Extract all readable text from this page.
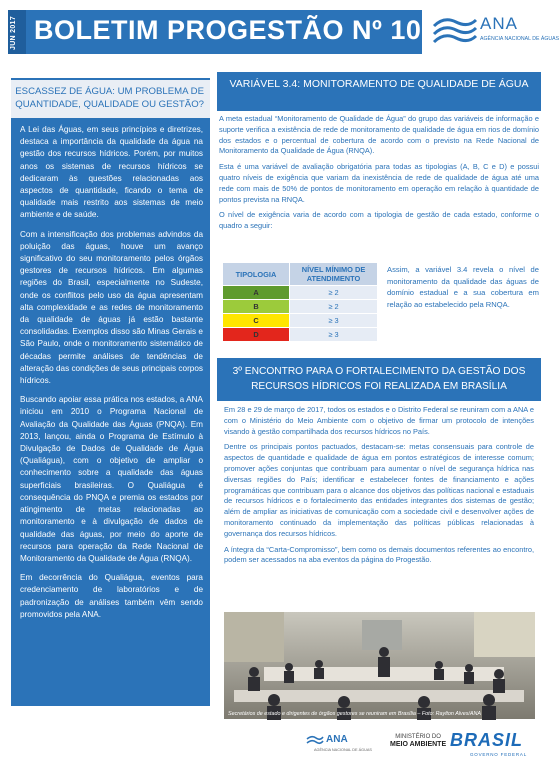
JUN 2017 BOLETIM PROGESTÃO Nº 10	ANA
AGÊNCIA NACIONAL DE ÁGUAS
ESCASSEZ DE ÁGUA: UM PROBLEMA DE QUANTIDADE, QUALIDADE OU GESTÃO?

A Lei das Águas, em seus princípios e diretrizes, destaca a importância da qualidade da água na gestão dos recursos hídricos. Porém, por muitos anos os sistemas de recursos hídricos se dedicaram às questões relacionadas aos aspectos de quantidade, ficando o tema de qualidade mais restrito aos sistemas de meio ambiente e de saúde.

Com a intensificação dos problemas advindos da poluição das águas, houve um avanço significativo do seu monitoramento pelos órgãos gestores de recursos hídricos. Em algumas regiões do Brasil, especialmente no Sudeste, onde os conflitos pelo uso da água apresentam alta complexidade e as redes de monitoramento da qualidade de águas já estão bastante consolidadas. Exemplos disso são Minas Gerais e São Paulo, onde o monitoramento sistemático de décadas permite análises de tendências de alteração das condições de seus principais corpos hídricos.

Buscando apoiar essa prática nos estados, a ANA iniciou em 2010 o Programa Nacional de Avaliação da Qualidade das Águas (PNQA). Em 2013, lançou, ainda o Programa de Estímulo à Divulgação de Dados de Qualidade de Água (Qualiágua), com o objetivo de ampliar o conhecimento sobre a qualidade das águas superficiais brasileiras. O Qualiágua é consequência do PNQA e premia os estados por atingimento de metas relacionadas ao monitoramento e à divulgação de dados de qualidade das águas, por meio do aporte de recursos para operação da Rede Nacional de Monitoramento da Qualidade de Água (RNQA).

Em decorrência do Qualiágua, eventos para credenciamento de laboratórios e de padronização de análises também vêm sendo promovidos pela ANA.

VARIÁVEL 3.4: MONITORAMENTO DE QUALIDADE DE ÁGUA

A meta estadual “Monitoramento de Qualidade de Água” do grupo das variáveis de informação e suporte verifica a existência de rede de monitoramento de qualidade de água em rios de domínio dos estados e o percentual de cobertura de acordo com o previsto na Rede Nacional de Monitoramento da Qualidade de Água (RNQA).

Esta é uma variável de avaliação obrigatória para todas as tipologias (A, B, C e D) e possui quatro níveis de exigência que variam da inexistência de rede de qualidade de água até uma rede com mais de 50% de pontos de monitoramento em operação em relação à quantidade de pontos prevista na RNQA.

O nível de exigência varia de acordo com a tipologia de gestão de cada estado, conforme o quadro a seguir:

TIPOLOGIA	NÍVEL MÍNIMO DE ATENDIMENTO
A	≥ 2
B	≥ 2
C	≥ 3
D	≥ 3
Assim, a variável 3.4 revela o nível de monitoramento da qualidade das águas de domínio estadual e a sua cobertura em relação ao estabelecido pela RNQA.
3º ENCONTRO PARA O FORTALECIMENTO DA GESTÃO DOS RECURSOS HÍDRICOS FOI REALIZADA EM BRASÍLIA

Em 28 e 29 de março de 2017, todos os estados e o Distrito Federal se reuniram com a ANA e com o Ministério do Meio Ambiente com o objetivo de firmar um protocolo de intenções visando à gestão compartilhada dos recursos hídricos no País.

Dentre os principais pontos pactuados, destacam-se: metas consensuais para controle de aspectos de quantidade e qualidade de água em pontos estratégicos de interesse comum; promover ações conjuntas que contribuam para aumentar o nível de segurança hídrica nas diversas regiões do País; identificar e estabelecer fontes de financiamento e ações programáticas que contribuam para o alcance dos objetivos das políticas nacional e estaduais de recursos hídricos e o fortalecimento das entidades integrantes dos sistemas de gestão; além de ampliar as iniciativas de comunicação com a sociedade civil e desenvolver ações de monitoramento continuado da implementação das políticas públicas relacionadas à governança dos recursos hídricos.

A íntegra da “Carta-Compromisso”, bem como os demais documentos referentes ao encontro, podem ser acessados na aba eventos da página do Progestão.

Secretários de estado e dirigentes de órgãos gestores se reuniram em Brasília – Foto: Raylton Alves/ANA
ANA
AGÊNCIA NACIONAL DE ÁGUAS
MINISTÉRIO DO
MEIO AMBIENTE BRASIL
GOVERNO FEDERAL
